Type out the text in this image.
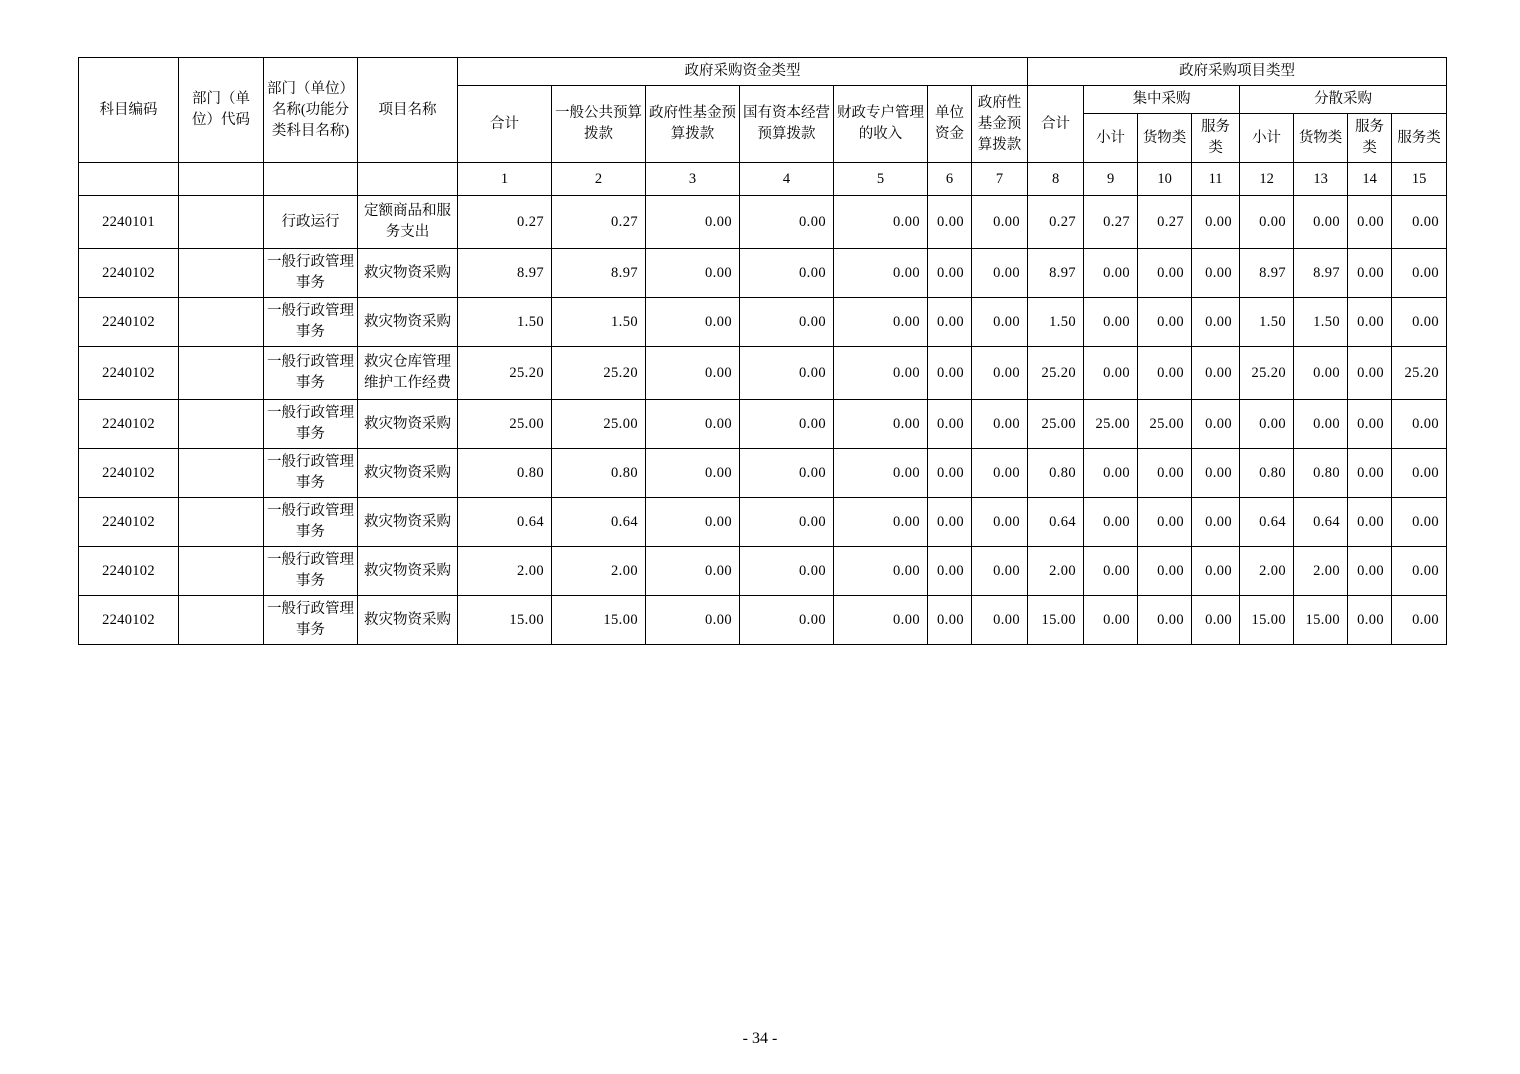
科目编码	部门（单位）代码	部门（单位）名称(功能分类科目名称)	项目名称	政府采购资金类型							政府采购项目类型							
				合计	一般公共预算拨款	政府性基金预算拨款	国有资本经营预算拨款	财政专户管理的收入	单位资金	政府性基金预算拨款	合计	集中采购			分散采购			
												小计	货物类	服务类	小计	货物类	服务类	服务类
				1	2	3	4	5	6	7	8	9	10	11	12	13	14	15
2240101		行政运行	定额商品和服务支出	0.27	0.27	0.00	0.00	0.00	0.00	0.00	0.27	0.27	0.27	0.00	0.00	0.00	0.00	0.00
2240102		一般行政管理事务	救灾物资采购	8.97	8.97	0.00	0.00	0.00	0.00	0.00	8.97	0.00	0.00	0.00	8.97	8.97	0.00	0.00
2240102		一般行政管理事务	救灾物资采购	1.50	1.50	0.00	0.00	0.00	0.00	0.00	1.50	0.00	0.00	0.00	1.50	1.50	0.00	0.00
2240102		一般行政管理事务	救灾仓库管理维护工作经费	25.20	25.20	0.00	0.00	0.00	0.00	0.00	25.20	0.00	0.00	0.00	25.20	0.00	0.00	25.20
2240102		一般行政管理事务	救灾物资采购	25.00	25.00	0.00	0.00	0.00	0.00	0.00	25.00	25.00	25.00	0.00	0.00	0.00	0.00	0.00
2240102		一般行政管理事务	救灾物资采购	0.80	0.80	0.00	0.00	0.00	0.00	0.00	0.80	0.00	0.00	0.00	0.80	0.80	0.00	0.00
2240102		一般行政管理事务	救灾物资采购	0.64	0.64	0.00	0.00	0.00	0.00	0.00	0.64	0.00	0.00	0.00	0.64	0.64	0.00	0.00
2240102		一般行政管理事务	救灾物资采购	2.00	2.00	0.00	0.00	0.00	0.00	0.00	2.00	0.00	0.00	0.00	2.00	2.00	0.00	0.00
2240102		一般行政管理事务	救灾物资采购	15.00	15.00	0.00	0.00	0.00	0.00	0.00	15.00	0.00	0.00	0.00	15.00	15.00	0.00	0.00
- 34 -
